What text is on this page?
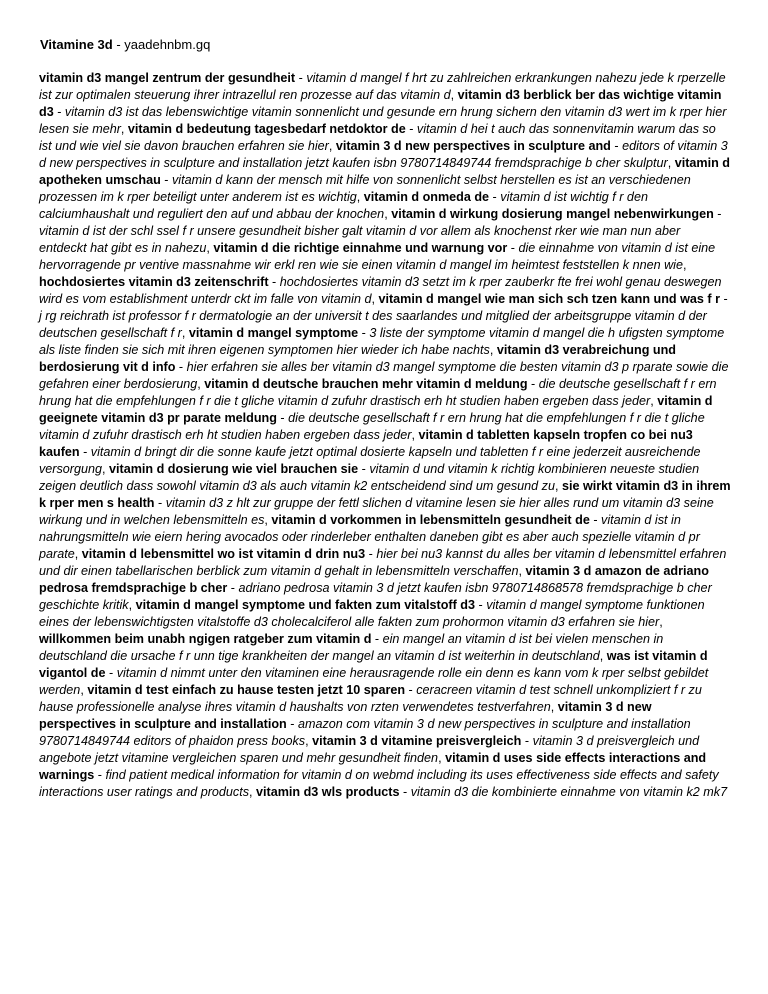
Vitamine 3d - yaadehnbm.gq

vitamin d3 mangel zentrum der gesundheit - vitamin d mangel f hrt zu zahlreichen erkrankungen nahezu jede k rperzelle ist zur optimalen steuerung ihrer intrazellul ren prozesse auf das vitamin d, vitamin d3 berblick ber das wichtige vitamin d3 - vitamin d3 ist das lebenswichtige vitamin sonnenlicht und gesunde ern hrung sichern den vitamin d3 wert im k rper hier lesen sie mehr, vitamin d bedeutung tagesbedarf netdoktor de - vitamin d hei t auch das sonnenvitamin warum das so ist und wie viel sie davon brauchen erfahren sie hier, vitamin 3 d new perspectives in sculpture and - editors of vitamin 3 d new perspectives in sculpture and installation jetzt kaufen isbn 9780714849744 fremdsprachige b cher skulptur, vitamin d apotheken umschau - vitamin d kann der mensch mit hilfe von sonnenlicht selbst herstellen es ist an verschiedenen prozessen im k rper beteiligt unter anderem ist es wichtig, vitamin d onmeda de - vitamin d ist wichtig f r den calciumhaushalt und reguliert den auf und abbau der knochen, vitamin d wirkung dosierung mangel nebenwirkungen - vitamin d ist der schl ssel f r unsere gesundheit bisher galt vitamin d vor allem als knochenst rker wie man nun aber entdeckt hat gibt es in nahezu, vitamin d die richtige einnahme und warnung vor - die einnahme von vitamin d ist eine hervorragende pr ventive massnahme wir erkl ren wie sie einen vitamin d mangel im heimtest feststellen k nnen wie, hochdosiertes vitamin d3 zeitenschrift - hochdosiertes vitamin d3 setzt im k rper zauberkr fte frei wohl genau deswegen wird es vom establishment unterdr ckt im falle von vitamin d, vitamin d mangel wie man sich sch tzen kann und was f r - j rg reichrath ist professor f r dermatologie an der universit t des saarlandes und mitglied der arbeitsgruppe vitamin d der deutschen gesellschaft f r, vitamin d mangel symptome - 3 liste der symptome vitamin d mangel die h ufigsten symptome als liste finden sie sich mit ihren eigenen symptomen hier wieder ich habe nachts, vitamin d3 verabreichung und berdosierung vit d info - hier erfahren sie alles ber vitamin d3 mangel symptome die besten vitamin d3 p rparate sowie die gefahren einer berdosierung, vitamin d deutsche brauchen mehr vitamin d meldung - die deutsche gesellschaft f r ern hrung hat die empfehlungen f r die t gliche vitamin d zufuhr drastisch erh ht studien haben ergeben dass jeder, vitamin d geeignete vitamin d3 pr parate meldung - die deutsche gesellschaft f r ern hrung hat die empfehlungen f r die t gliche vitamin d zufuhr drastisch erh ht studien haben ergeben dass jeder, vitamin d tabletten kapseln tropfen co bei nu3 kaufen - vitamin d bringt dir die sonne kaufe jetzt optimal dosierte kapseln und tabletten f r eine jederzeit ausreichende versorgung, vitamin d dosierung wie viel brauchen sie - vitamin d und vitamin k richtig kombinieren neueste studien zeigen deutlich dass sowohl vitamin d3 als auch vitamin k2 entscheidend sind um gesund zu, sie wirkt vitamin d3 in ihrem k rper men s health - vitamin d3 z hlt zur gruppe der fettl slichen d vitamine lesen sie hier alles rund um vitamin d3 seine wirkung und in welchen lebensmitteln es, vitamin d vorkommen in lebensmitteln gesundheit de - vitamin d ist in nahrungsmitteln wie eiern hering avocados oder rinderleber enthalten daneben gibt es aber auch spezielle vitamin d pr parate, vitamin d lebensmittel wo ist vitamin d drin nu3 - hier bei nu3 kannst du alles ber vitamin d lebensmittel erfahren und dir einen tabellarischen berblick zum vitamin d gehalt in lebensmitteln verschaffen, vitamin 3 d amazon de adriano pedrosa fremdsprachige b cher - adriano pedrosa vitamin 3 d jetzt kaufen isbn 9780714868578 fremdsprachige b cher geschichte kritik, vitamin d mangel symptome und fakten zum vitalstoff d3 - vitamin d mangel symptome funktionen eines der lebenswichtigsten vitalstoffe d3 cholecalciferol alle fakten zum prohormon vitamin d3 erfahren sie hier, willkommen beim unabh ngigen ratgeber zum vitamin d - ein mangel an vitamin d ist bei vielen menschen in deutschland die ursache f r unn tige krankheiten der mangel an vitamin d ist weiterhin in deutschland, was ist vitamin d vigantol de - vitamin d nimmt unter den vitaminen eine herausragende rolle ein denn es kann vom k rper selbst gebildet werden, vitamin d test einfach zu hause testen jetzt 10 sparen - ceracreen vitamin d test schnell unkompliziert f r zu hause professionelle analyse ihres vitamin d haushalts von rzten verwendetes testverfahren, vitamin 3 d new perspectives in sculpture and installation - amazon com vitamin 3 d new perspectives in sculpture and installation 9780714849744 editors of phaidon press books, vitamin 3 d vitamine preisvergleich - vitamin 3 d preisvergleich und angebote jetzt vitamine vergleichen sparen und mehr gesundheit finden, vitamin d uses side effects interactions and warnings - find patient medical information for vitamin d on webmd including its uses effectiveness side effects and safety interactions user ratings and products, vitamin d3 wls products - vitamin d3 die kombinierte einnahme von vitamin k2 mk7
